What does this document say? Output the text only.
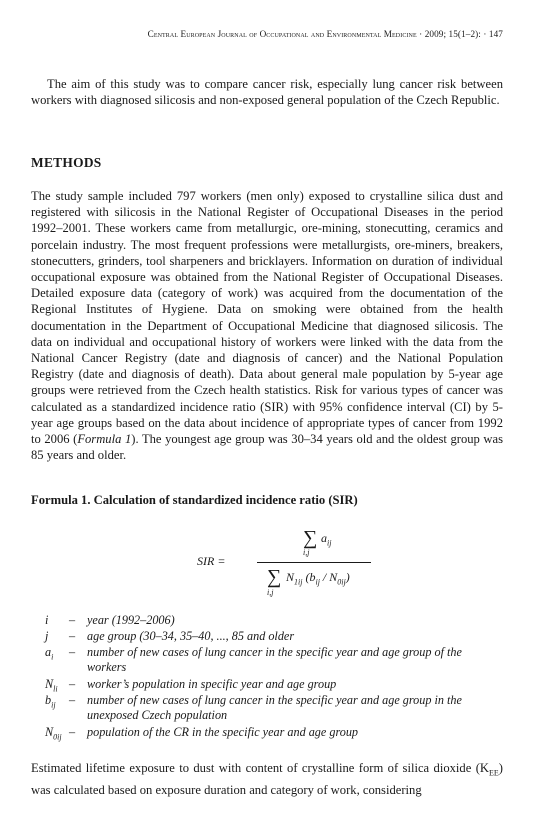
Central European Journal of Occupational and Environmental Medicine · 2009; 15(1–2): · 147

The aim of this study was to compare cancer risk, especially lung cancer risk between workers with diagnosed silicosis and non-exposed general population of the Czech Republic.

METHODS

The study sample included 797 workers (men only) exposed to crystalline silica dust and registered with silicosis in the National Register of Occupational Diseases in the period 1992–2001. These workers came from metallurgic, ore-mining, stonecutting, ceramics and porcelain industry. The most frequent professions were metallurgists, ore-miners, breakers, stonecutters, grinders, tool sharpeners and bricklayers. Information on duration of individual occupational exposure was obtained from the National Register of Occupational Diseases. Detailed exposure data (category of work) was acquired from the documentation of the Regional Institutes of Hygiene. Data on smoking were obtained from the health documentation in the Department of Occupational Medicine that diagnosed silicosis. The data on individual and occupational history of workers were linked with the data from the National Cancer Registry (date and diagnosis of cancer) and the National Population Registry (date and diagnosis of death). Data about general male population by 5-year age groups were retrieved from the Czech health statistics. Risk for various types of cancer was calculated as a standardized incidence ratio (SIR) with 95% confidence interval (CI) by 5-year age groups based on the data about incidence of appropriate types of cancer from 1992 to 2006 (Formula 1). The youngest age group was 30–34 years old and the oldest group was 85 years and older.

Formula 1. Calculation of standardized incidence ratio (SIR)

SIR =
∑
i,j
$a_{ij}$
∑
i,j
$N_{1ij}$ $(b_{ij} / N_{0ij})$
i	– year (1992–2006)
j	– age group (30–34, 35–40, ..., 85 and older
$a_i$	– number of new cases of lung cancer in the specific year and age group of the workers
$N_{li}$ – worker’s population in specific year and age group
$b_{ij}$	– number of new cases of lung cancer in the specific year and age group in the unexposed Czech population
$N_{0ij}$ – population of the CR in the specific year and age group

Estimated lifetime exposure to dust with content of crystalline form of silica dioxide $(K_{EE})$ was calculated based on exposure duration and category of work, considering
